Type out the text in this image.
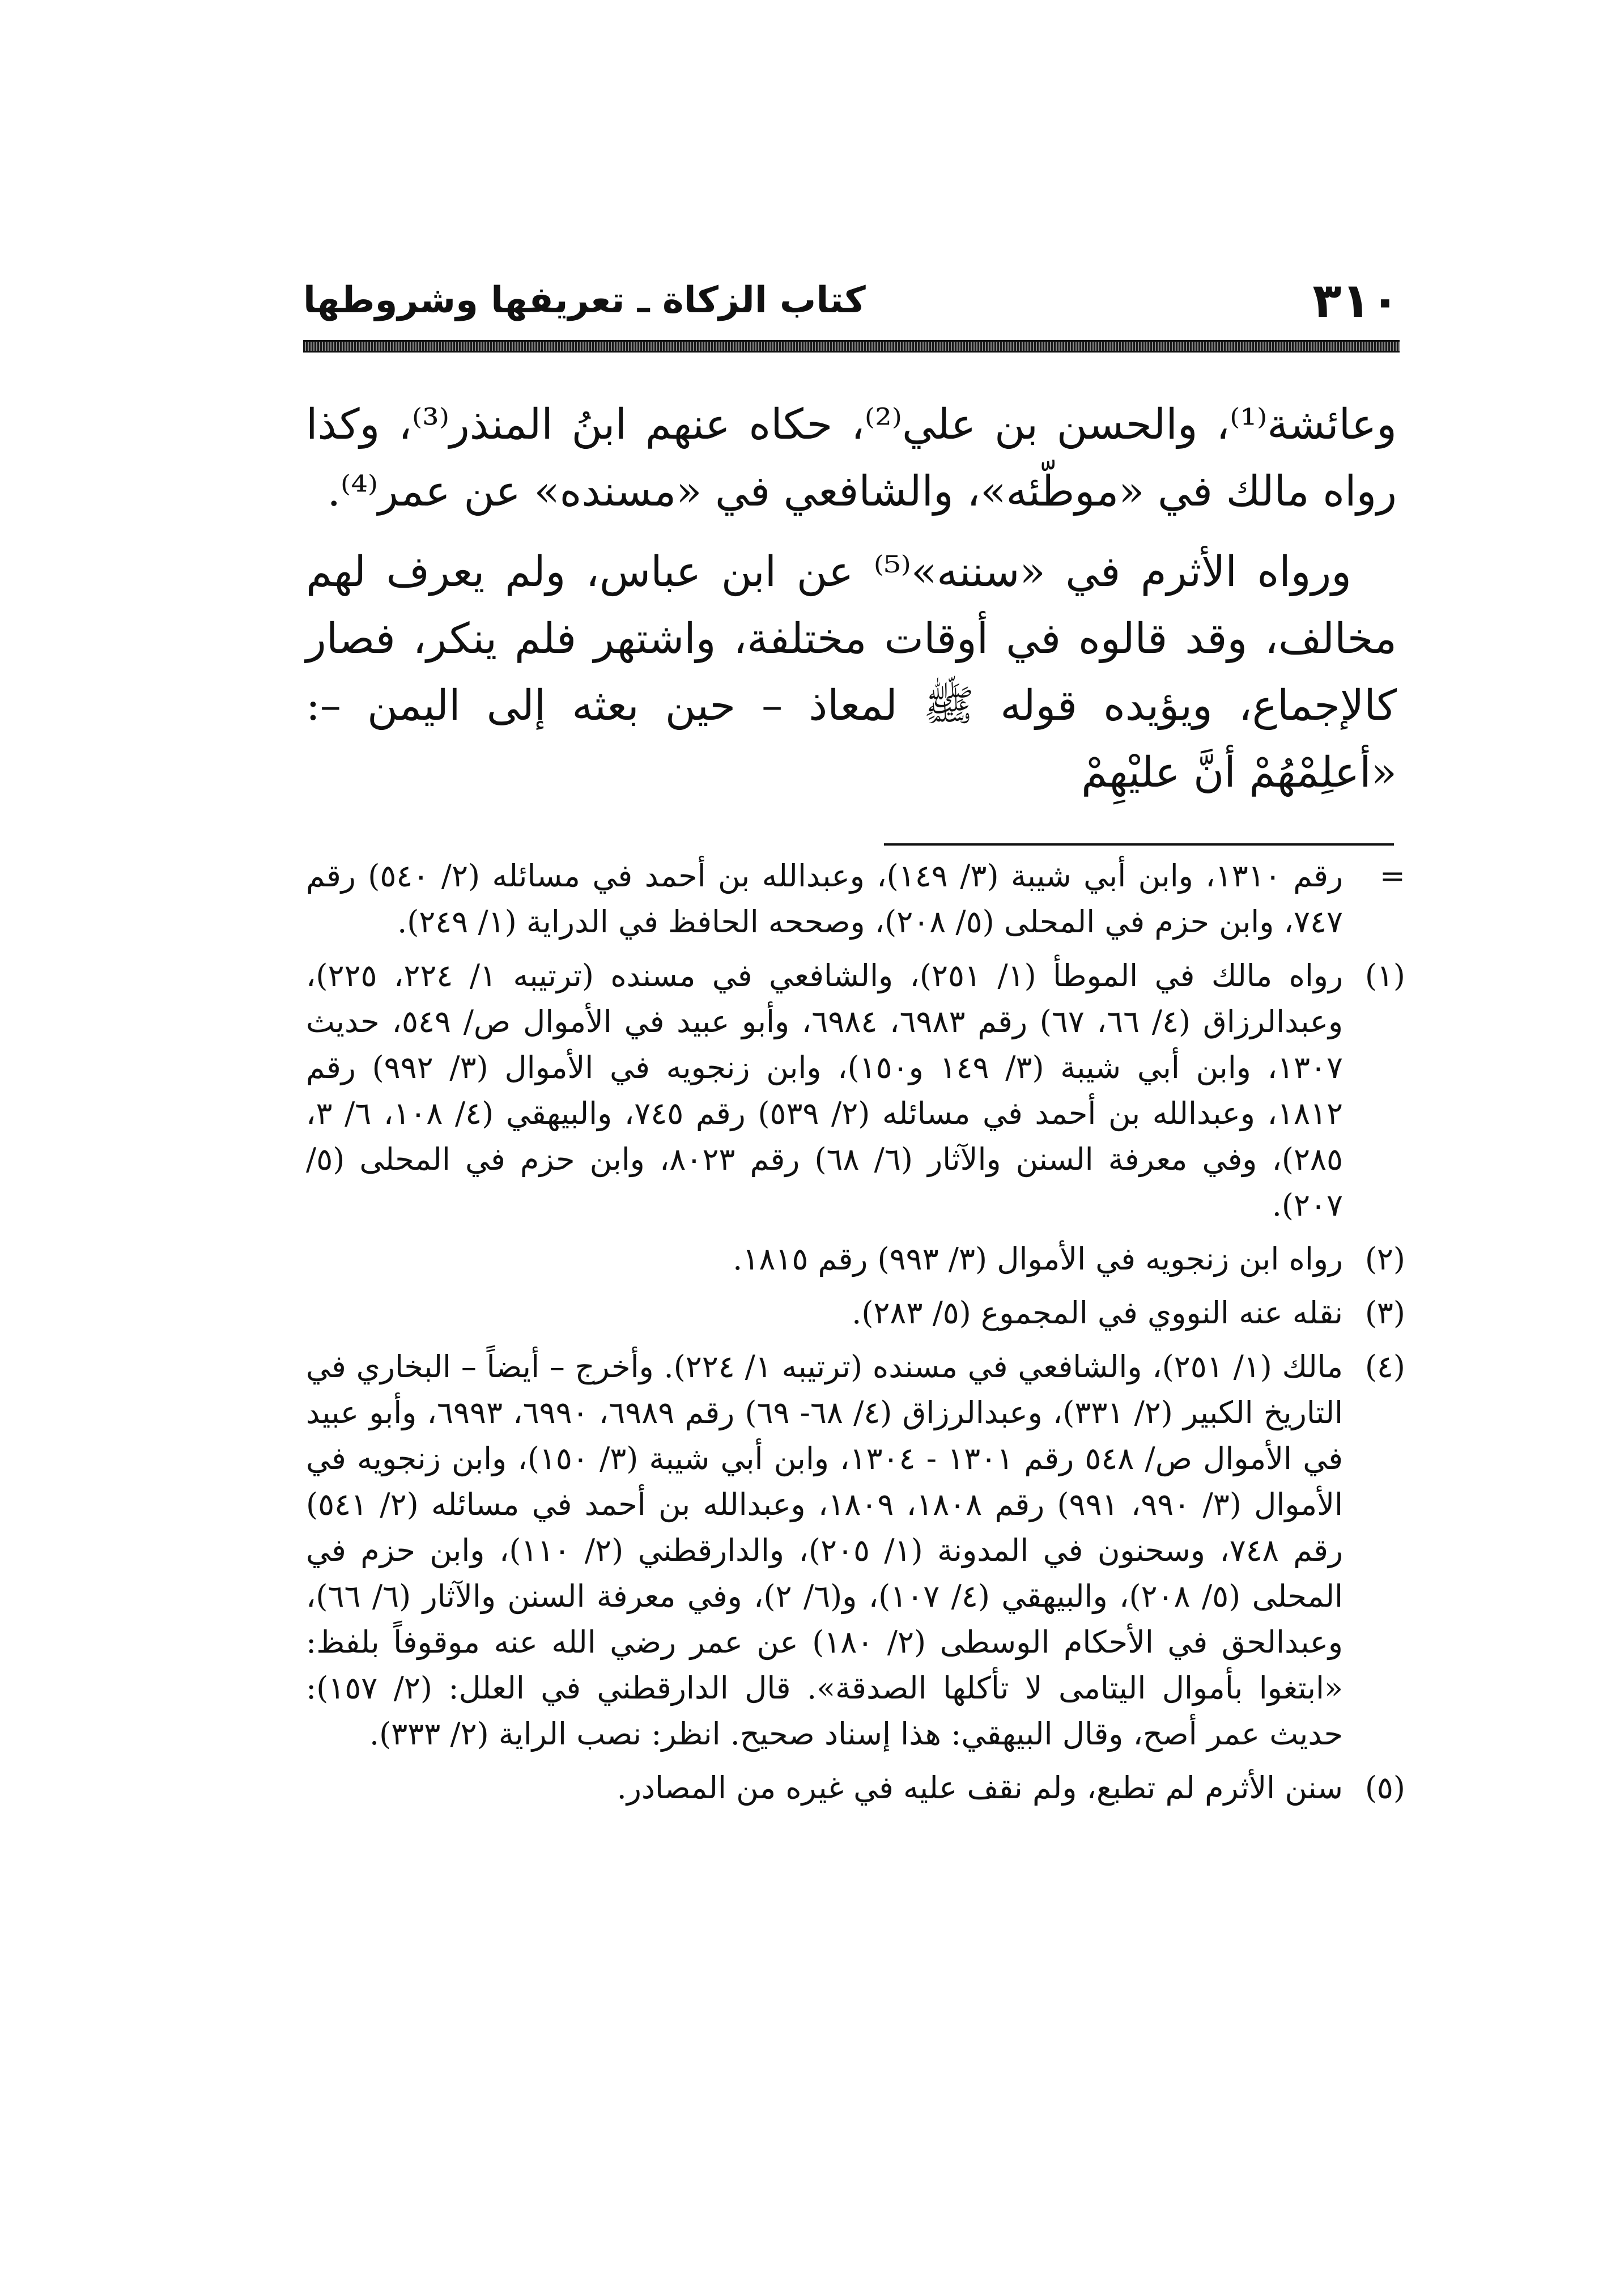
٣١٠
كتاب الزكاة ـ تعريفها وشروطها

وعائشة⁽¹⁾، والحسن بن علي⁽²⁾، حكاه عنهم ابنُ المنذر⁽³⁾، وكذا رواه مالك في «موطّئه»، والشافعي في «مسنده» عن عمر⁽⁴⁾.

ورواه الأثرم في «سننه»⁽⁵⁾ عن ابن عباس، ولم يعرف لهم مخالف، وقد قالوه في أوقات مختلفة، واشتهر فلم ينكر، فصار كالإجماع، ويؤيده قوله ﷺ لمعاذ – حين بعثه إلى اليمن –: «أعلِمْهُمْ أنَّ عليْهِمْ

=
رقم ١٣١٠، وابن أبي شيبة (٣/ ١٤٩)، وعبدالله بن أحمد في مسائله (٢/ ٥٤٠) رقم ٧٤٧، وابن حزم في المحلى (٥/ ٢٠٨)، وصححه الحافظ في الدراية (١/ ٢٤٩).
(١)
رواه مالك في الموطأ (١/ ٢٥١)، والشافعي في مسنده (ترتيبه ١/ ٢٢٤، ٢٢٥)، وعبدالرزاق (٤/ ٦٦، ٦٧) رقم ٦٩٨٣، ٦٩٨٤، وأبو عبيد في الأموال ص/ ٥٤٩، حديث ١٣٠٧، وابن أبي شيبة (٣/ ١٤٩ و١٥٠)، وابن زنجويه في الأموال (٣/ ٩٩٢) رقم ١٨١٢، وعبدالله بن أحمد في مسائله (٢/ ٥٣٩) رقم ٧٤٥، والبيهقي (٤/ ١٠٨، ٦/ ٣، ٢٨٥)، وفي معرفة السنن والآثار (٦/ ٦٨) رقم ٨٠٢٣، وابن حزم في المحلى (٥/ ٢٠٧).
(٢)
رواه ابن زنجويه في الأموال (٣/ ٩٩٣) رقم ١٨١٥.
(٣)
نقله عنه النووي في المجموع (٥/ ٢٨٣).
(٤)
مالك (١/ ٢٥١)، والشافعي في مسنده (ترتيبه ١/ ٢٢٤). وأخرج – أيضاً – البخاري في التاريخ الكبير (٢/ ٣٣١)، وعبدالرزاق (٤/ ٦٨- ٦٩) رقم ٦٩٨٩، ٦٩٩٠، ٦٩٩٣، وأبو عبيد في الأموال ص/ ٥٤٨ رقم ١٣٠١ - ١٣٠٤، وابن أبي شيبة (٣/ ١٥٠)، وابن زنجويه في الأموال (٣/ ٩٩٠، ٩٩١) رقم ١٨٠٨، ١٨٠٩، وعبدالله بن أحمد في مسائله (٢/ ٥٤١) رقم ٧٤٨، وسحنون في المدونة (١/ ٢٠٥)، والدارقطني (٢/ ١١٠)، وابن حزم في المحلى (٥/ ٢٠٨)، والبيهقي (٤/ ١٠٧)، و(٦/ ٢)، وفي معرفة السنن والآثار (٦/ ٦٦)، وعبدالحق في الأحكام الوسطى (٢/ ١٨٠) عن عمر رضي الله عنه موقوفاً بلفظ: «ابتغوا بأموال اليتامى لا تأكلها الصدقة». قال الدارقطني في العلل: (٢/ ١٥٧): حديث عمر أصح، وقال البيهقي: هذا إسناد صحيح. انظر: نصب الراية (٢/ ٣٣٣).
(٥)
سنن الأثرم لم تطبع، ولم نقف عليه في غيره من المصادر.
